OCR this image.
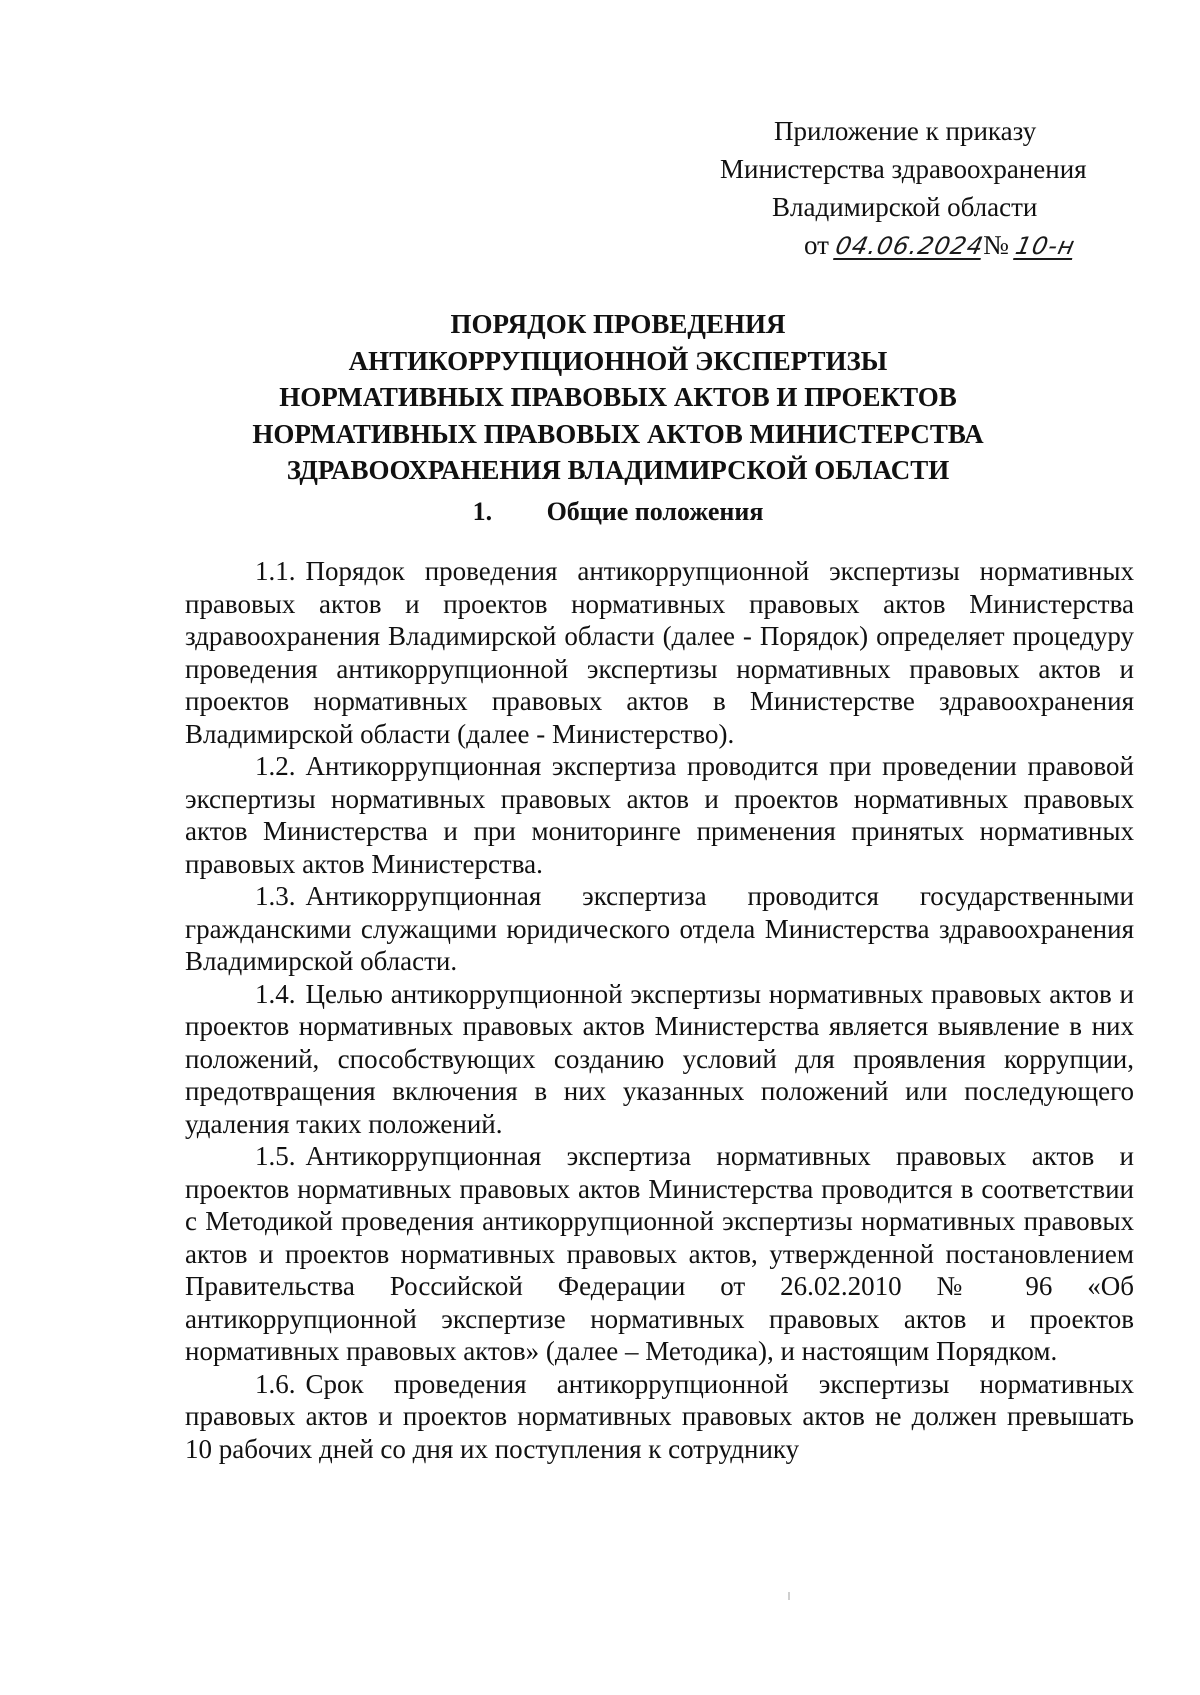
Приложение к приказу
Министерства здравоохранения
Владимирской области
от 04.06.2024№ 10-н
ПОРЯДОК ПРОВЕДЕНИЯ
АНТИКОРРУПЦИОННОЙ ЭКСПЕРТИЗЫ
НОРМАТИВНЫХ ПРАВОВЫХ АКТОВ И ПРОЕКТОВ
НОРМАТИВНЫХ ПРАВОВЫХ АКТОВ МИНИСТЕРСТВА
ЗДРАВООХРАНЕНИЯ ВЛАДИМИРСКОЙ ОБЛАСТИ
1. Общие положения

1.1. Порядок проведения антикоррупционной экспертизы нормативных правовых актов и проектов нормативных правовых актов Министерства здравоохранения Владимирской области (далее - Порядок) определяет процедуру проведения антикоррупционной экспертизы нормативных правовых актов и проектов нормативных правовых актов в Министерстве здравоохранения Владимирской области (далее - Министерство).

1.2. Антикоррупционная экспертиза проводится при проведении правовой экспертизы нормативных правовых актов и проектов нормативных правовых актов Министерства и при мониторинге применения принятых нормативных правовых актов Министерства.

1.3. Антикоррупционная экспертиза проводится государственными гражданскими служащими юридического отдела Министерства здравоохранения Владимирской области.

1.4. Целью антикоррупционной экспертизы нормативных правовых актов и проектов нормативных правовых актов Министерства является выявление в них положений, способствующих созданию условий для проявления коррупции, предотвращения включения в них указанных положений или последующего удаления таких положений.

1.5. Антикоррупционная экспертиза нормативных правовых актов и проектов нормативных правовых актов Министерства проводится в соответствии с Методикой проведения антикоррупционной экспертизы нормативных правовых актов и проектов нормативных правовых актов, утвержденной постановлением Правительства Российской Федерации от 26.02.2010 № 96 «Об антикоррупционной экспертизе нормативных правовых актов и проектов нормативных правовых актов» (далее – Методика), и настоящим Порядком.

1.6. Срок проведения антикоррупционной экспертизы нормативных правовых актов и проектов нормативных правовых актов не должен превышать 10 рабочих дней со дня их поступления к сотруднику
